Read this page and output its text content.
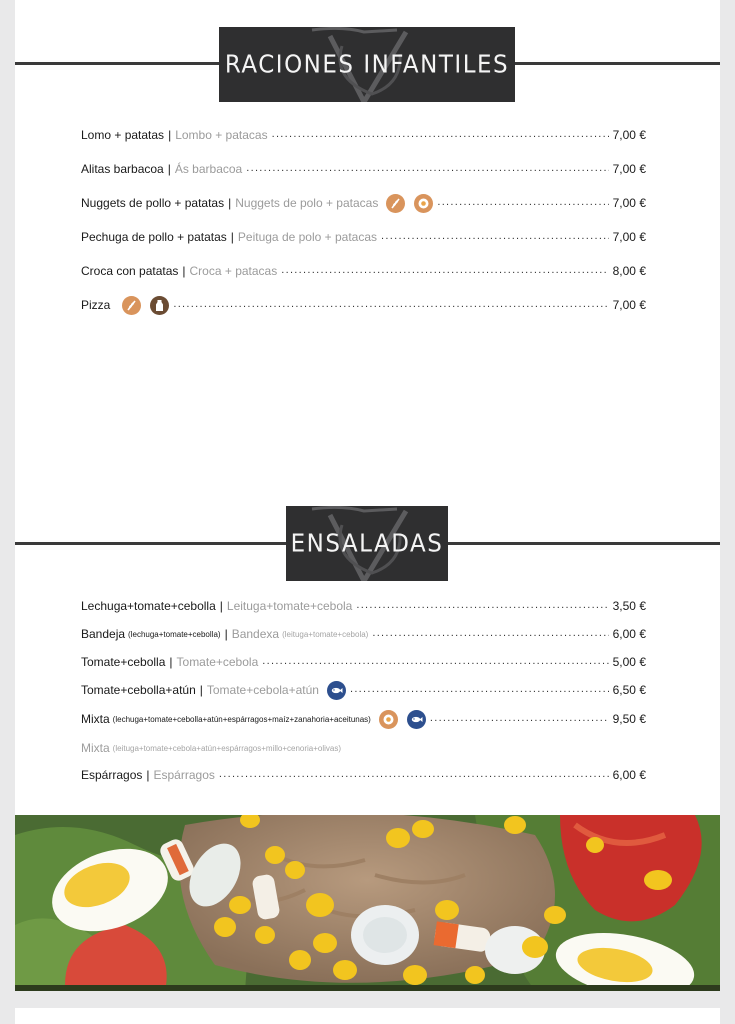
RACIONES INFANTILES
Lomo + patatas | Lombo + patacas .....	7,00 €
Alitas barbacoa | Ás barbacoa .....	7,00 €
Nuggets de pollo + patatas | Nuggets de polo + patacas .....	7,00 €
Pechuga de pollo + patatas | Peituga de polo + patacas .....	7,00 €
Croca con patatas | Croca + patacas .....	8,00 €
Pizza .....	7,00 €
ENSALADAS
Lechuga+tomate+cebolla | Leituga+tomate+cebola .....	3,50 €
Bandeja (lechuga+tomate+cebolla) | Bandexa (leituga+tomate+cebola) .....	6,00 €
Tomate+cebolla | Tomate+cebola .....	5,00 €
Tomate+cebolla+atún | Tomate+cebola+atún .....	6,50 €
Mixta (lechuga+tomate+cebolla+atún+espárragos+maíz+zanahoria+aceitunas) .....	9,50 €
Mixta (leituga+tomate+cebola+atún+espárragos+millo+cenoria+olivas)
Espárragos | Espárragos .....	6,00 €
